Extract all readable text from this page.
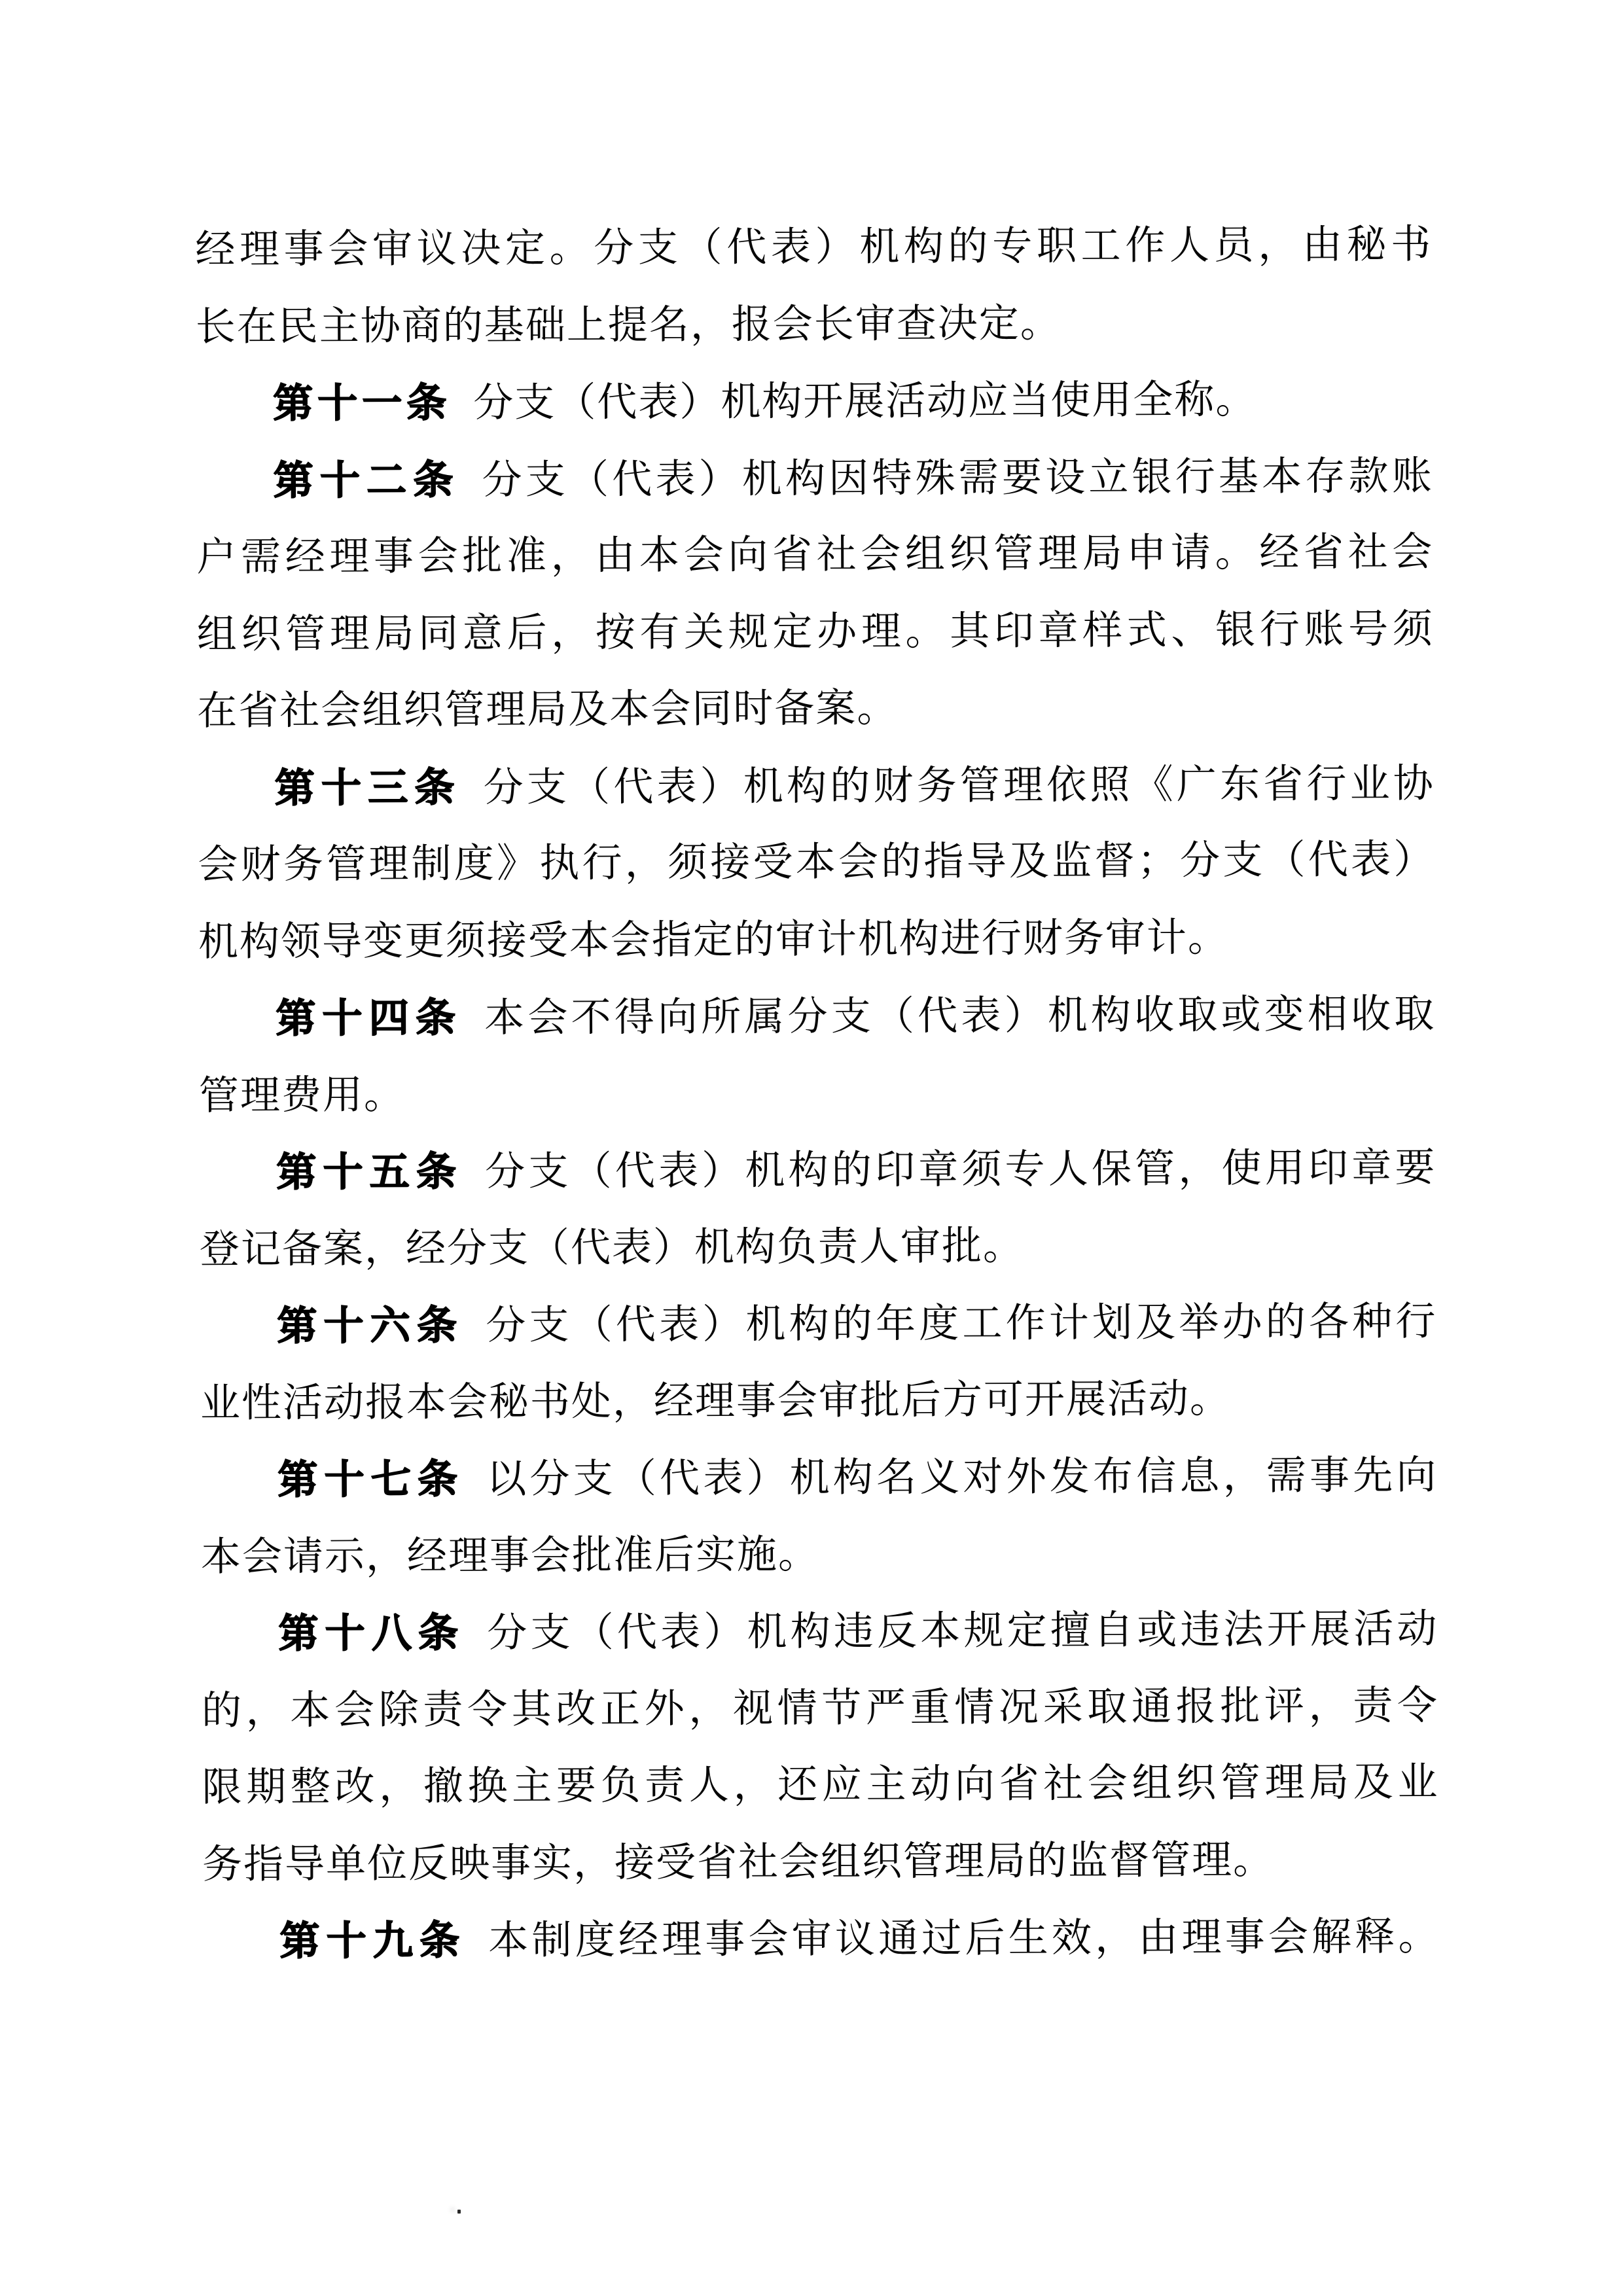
经理事会审议决定。分支（代表）机构的专职工作人员，由秘书
长在民主协商的基础上提名，报会长审查决定。
第十一条 分支（代表）机构开展活动应当使用全称。
第十二条 分支（代表）机构因特殊需要设立银行基本存款账
户需经理事会批准，由本会向省社会组织管理局申请。经省社会
组织管理局同意后，按有关规定办理。其印章样式、银行账号须
在省社会组织管理局及本会同时备案。
第十三条 分支（代表）机构的财务管理依照《广东省行业协
会财务管理制度》执行，须接受本会的指导及监督；分支（代表）
机构领导变更须接受本会指定的审计机构进行财务审计。
第十四条 本会不得向所属分支（代表）机构收取或变相收取
管理费用。
第十五条 分支（代表）机构的印章须专人保管，使用印章要
登记备案，经分支（代表）机构负责人审批。
第十六条 分支（代表）机构的年度工作计划及举办的各种行
业性活动报本会秘书处，经理事会审批后方可开展活动。
第十七条 以分支（代表）机构名义对外发布信息，需事先向
本会请示，经理事会批准后实施。
第十八条 分支（代表）机构违反本规定擅自或违法开展活动
的，本会除责令其改正外，视情节严重情况采取通报批评，责令
限期整改，撤换主要负责人，还应主动向省社会组织管理局及业
务指导单位反映事实，接受省社会组织管理局的监督管理。
第十九条 本制度经理事会审议通过后生效，由理事会解释。
